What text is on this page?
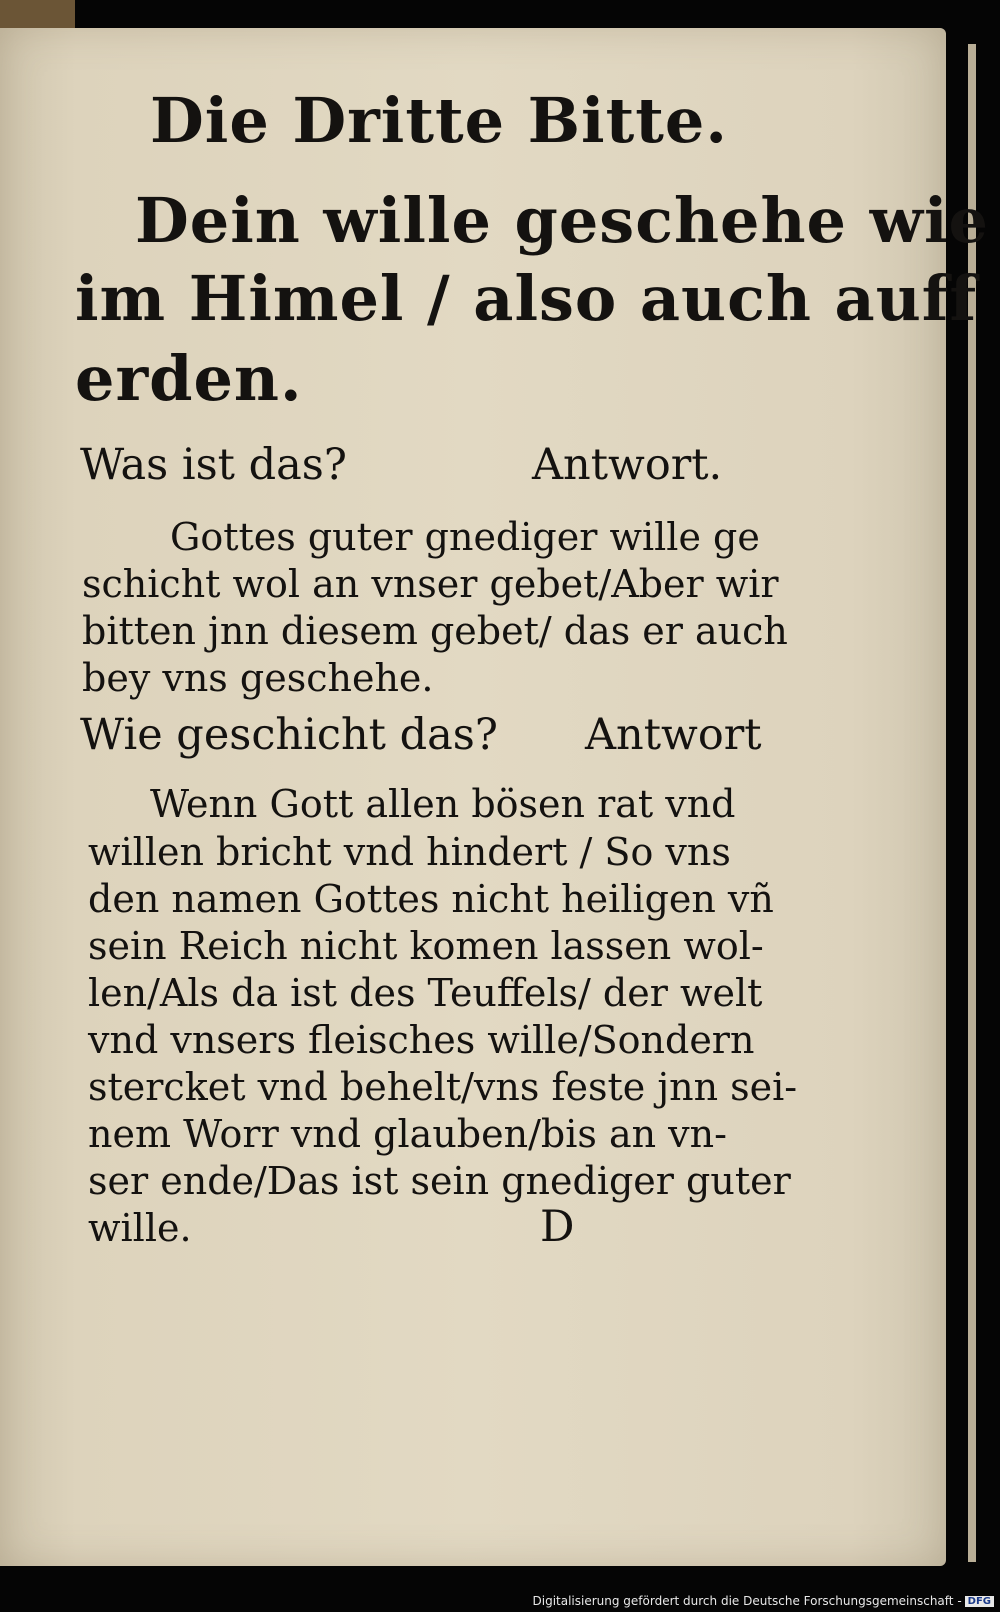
Die Dritte Bitte.
Dein wille geschehe wie
im Himel / also auch auff
erden.
Was ist das?	Antwort.
Gottes guter gnediger wille ge
schicht wol an vnser gebet/Aber wir
bitten jnn diesem gebet/ das er auch
bey vns geschehe.
Wie geschicht das? Antwort
Wenn Gott allen bösen rat vnd
willen bricht vnd hindert / So vns
den namen Gottes nicht heiligen vñ
sein Reich nicht komen lassen wol-
len/Als da ist des Teuffels/ der welt
vnd vnsers fleisches wille/Sondern
stercket vnd behelt/vns feste jnn sei-
nem Worr vnd glauben/bis an vn-
ser ende/Das ist sein gnediger guter
wille.	D
Digitalisierung gefördert durch die Deutsche Forschungsgemeinschaft - DFG
